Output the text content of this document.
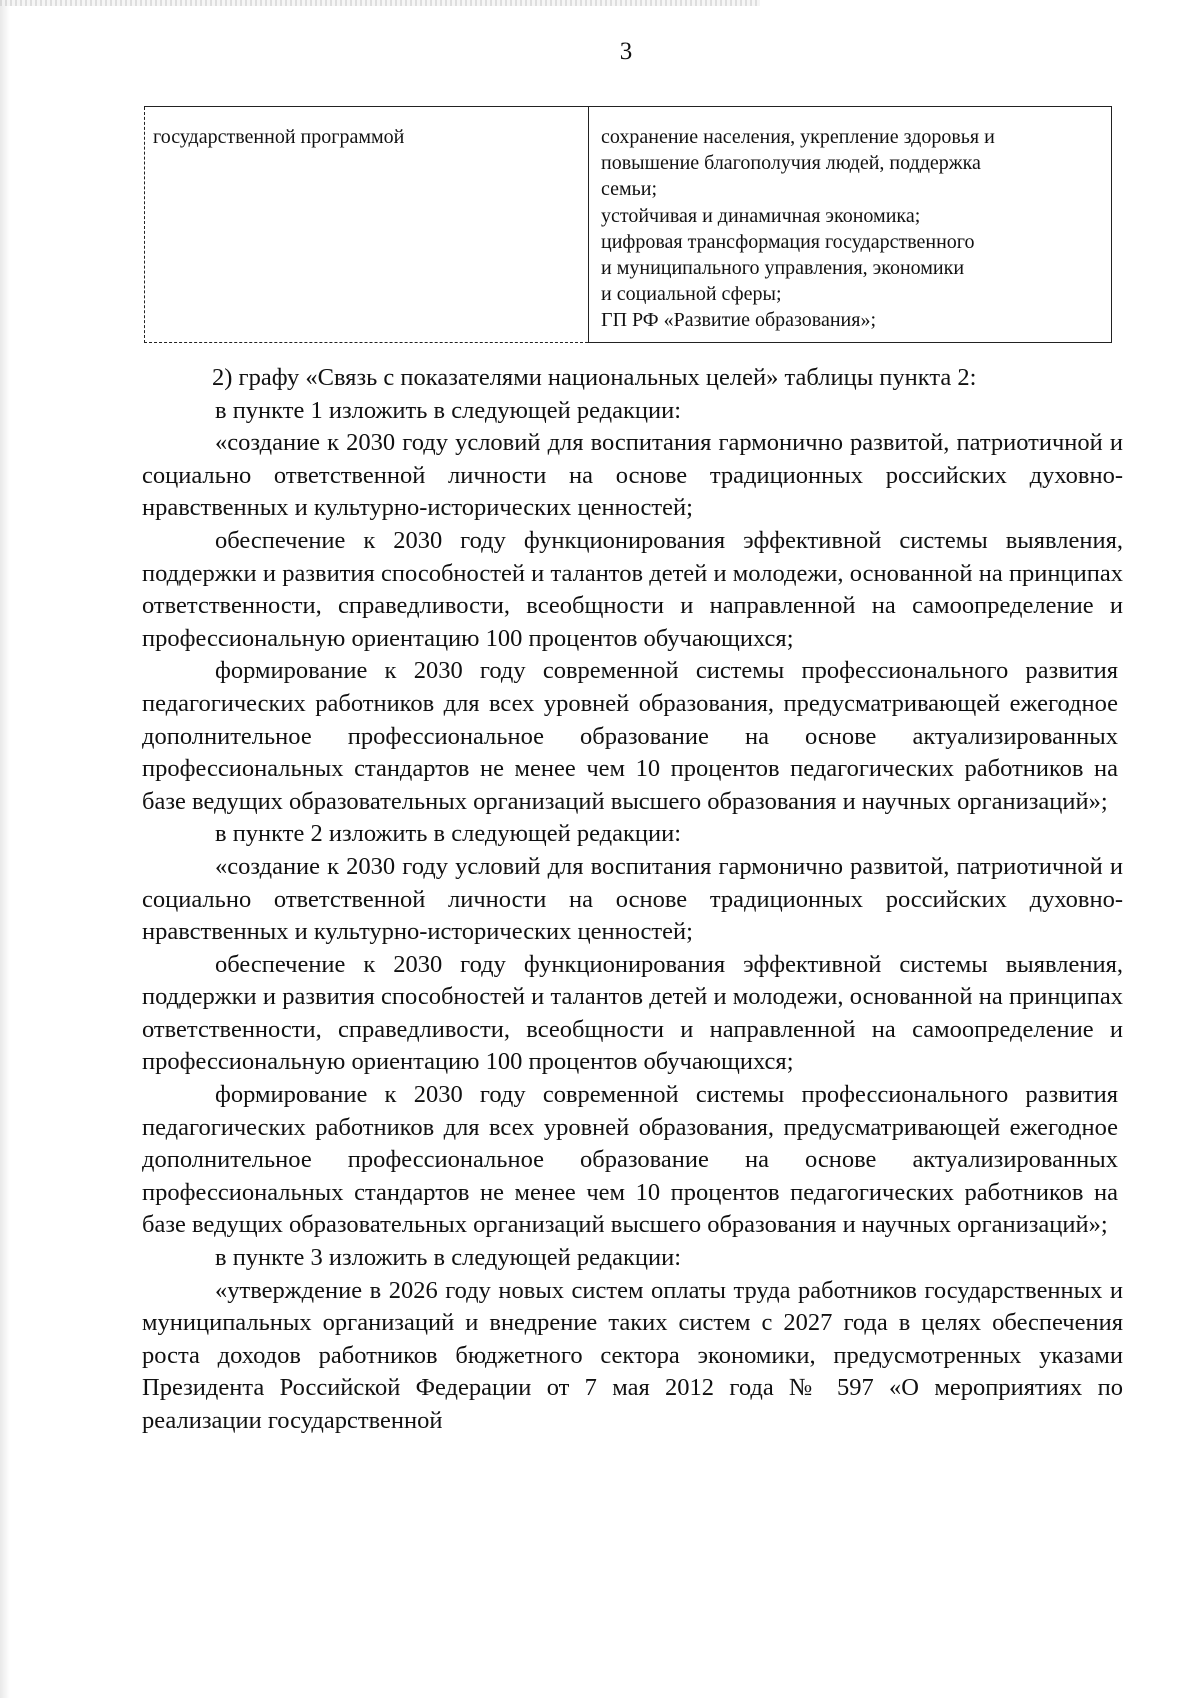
3
государственной программой	сохранение населения, укрепление здоровья и
повышение благополучия людей, поддержка
семьи;
устойчивая и динамичная экономика;
цифровая трансформация государственного
и муниципального управления, экономики
и социальной сферы;
ГП РФ «Развитие образования»;

2) графу «Связь с показателями национальных целей» таблицы пункта 2:

в пункте 1 изложить в следующей редакции:

«создание к 2030 году условий для воспитания гармонично развитой, патриотичной и социально ответственной личности на основе традиционных российских духовно-нравственных и культурно-исторических ценностей;

обеспечение к 2030 году функционирования эффективной системы выявления, поддержки и развития способностей и талантов детей и молодежи, основанной на принципах ответственности, справедливости, всеобщности и направленной на самоопределение и профессиональную ориентацию 100 процентов обучающихся;

формирование к 2030 году современной системы профессионального развития педагогических работников для всех уровней образования, предусматривающей ежегодное дополнительное профессиональное образование на основе актуализированных профессиональных стандартов не менее чем 10 процентов педагогических работников на базе ведущих образовательных организаций высшего образования и научных организаций»;

в пункте 2 изложить в следующей редакции:

«создание к 2030 году условий для воспитания гармонично развитой, патриотичной и социально ответственной личности на основе традиционных российских духовно-нравственных и культурно-исторических ценностей;

обеспечение к 2030 году функционирования эффективной системы выявления, поддержки и развития способностей и талантов детей и молодежи, основанной на принципах ответственности, справедливости, всеобщности и направленной на самоопределение и профессиональную ориентацию 100 процентов обучающихся;

формирование к 2030 году современной системы профессионального развития педагогических работников для всех уровней образования, предусматривающей ежегодное дополнительное профессиональное образование на основе актуализированных профессиональных стандартов не менее чем 10 процентов педагогических работников на базе ведущих образовательных организаций высшего образования и научных организаций»;

в пункте 3 изложить в следующей редакции:

«утверждение в 2026 году новых систем оплаты труда работников государственных и муниципальных организаций и внедрение таких систем с 2027 года в целях обеспечения роста доходов работников бюджетного сектора экономики, предусмотренных указами Президента Российской Федерации от 7 мая 2012 года № 597 «О мероприятиях по реализации государственной
